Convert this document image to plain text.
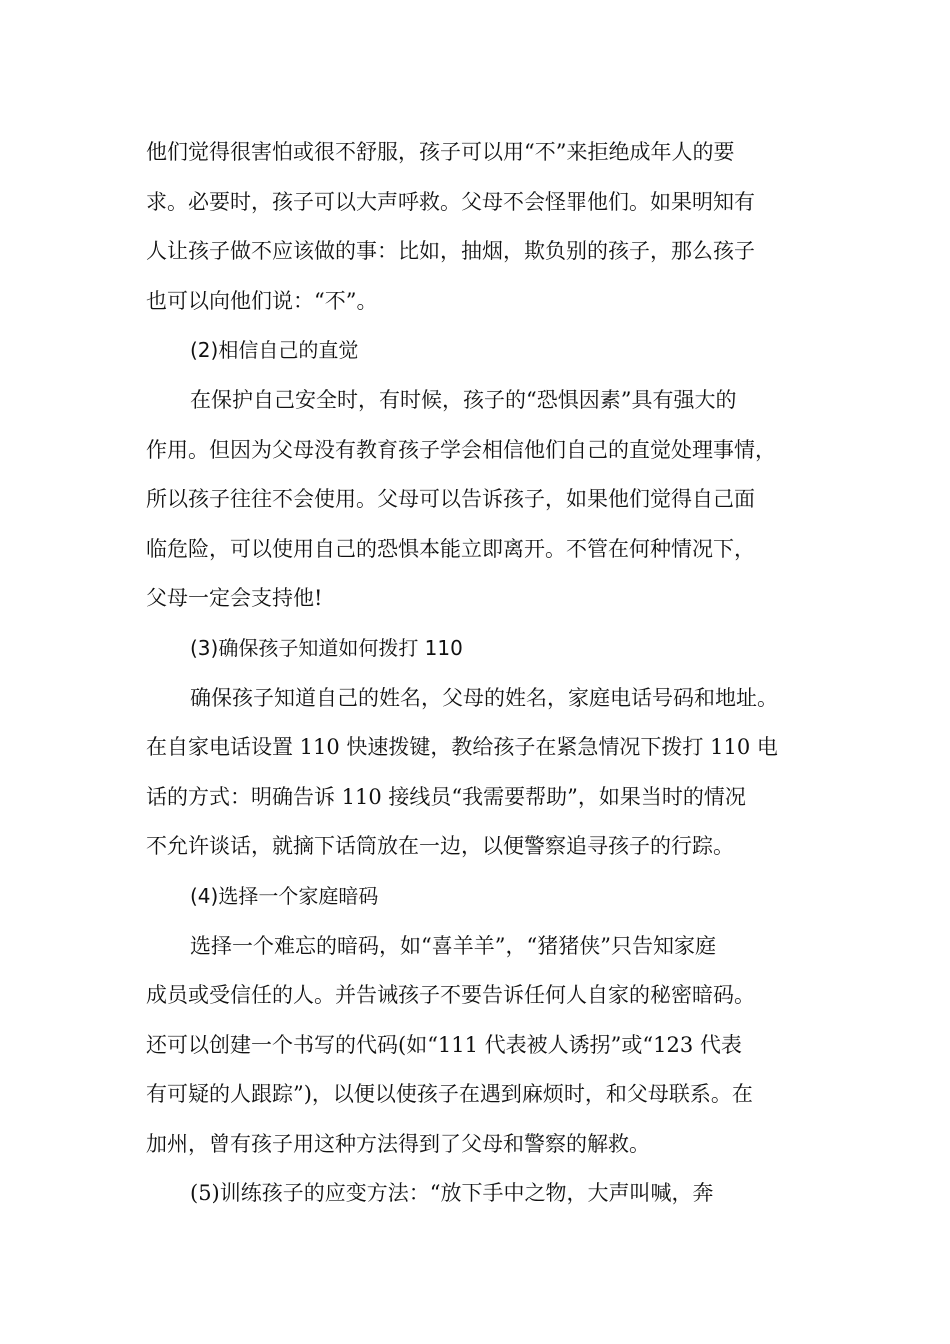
他们觉得很害怕或很不舒服，孩子可以用“不”来拒绝成年人的要
求。必要时，孩子可以大声呼救。父母不会怪罪他们。如果明知有
人让孩子做不应该做的事：比如，抽烟，欺负别的孩子，那么孩子
也可以向他们说：“不”。
(2)相信自己的直觉
在保护自己安全时，有时候，孩子的“恐惧因素”具有强大的
作用。但因为父母没有教育孩子学会相信他们自己的直觉处理事情，
所以孩子往往不会使用。父母可以告诉孩子，如果他们觉得自己面
临危险，可以使用自己的恐惧本能立即离开。不管在何种情况下，
父母一定会支持他!
(3)确保孩子知道如何拨打 110
确保孩子知道自己的姓名，父母的姓名，家庭电话号码和地址。
在自家电话设置 110 快速拨键，教给孩子在紧急情况下拨打 110 电
话的方式：明确告诉 110 接线员“我需要帮助”，如果当时的情况
不允许谈话，就摘下话筒放在一边，以便警察追寻孩子的行踪。
(4)选择一个家庭暗码
选择一个难忘的暗码，如“喜羊羊”，“猪猪侠”只告知家庭
成员或受信任的人。并告诫孩子不要告诉任何人自家的秘密暗码。
还可以创建一个书写的代码(如“111 代表被人诱拐”或“123 代表
有可疑的人跟踪”)，以便以使孩子在遇到麻烦时，和父母联系。在
加州，曾有孩子用这种方法得到了父母和警察的解救。
(5)训练孩子的应变方法：“放下手中之物，大声叫喊，奔
